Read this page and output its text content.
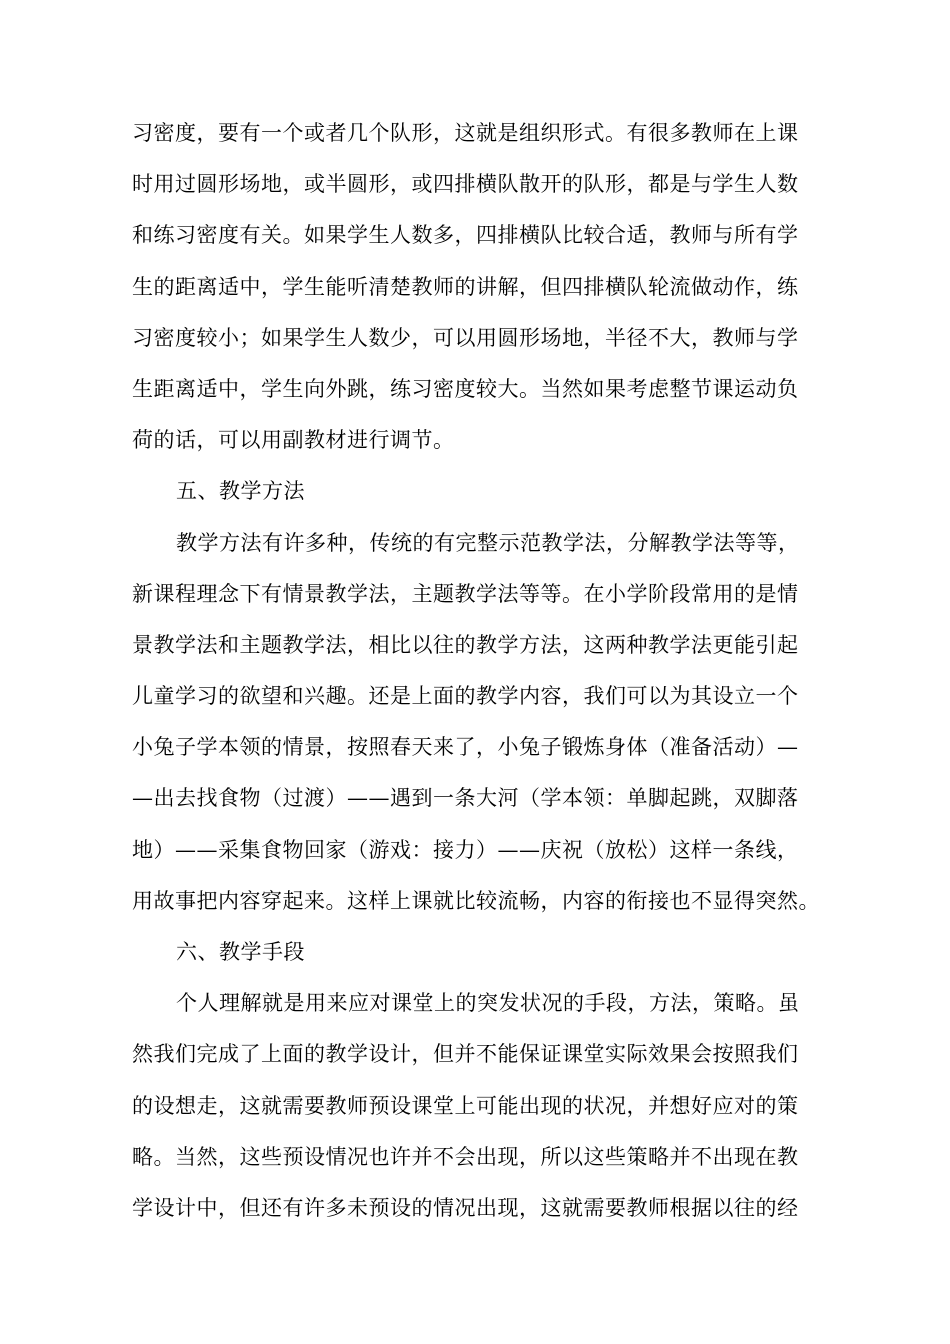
习密度，要有一个或者几个队形，这就是组织形式。有很多教师在上课
时用过圆形场地，或半圆形，或四排横队散开的队形，都是与学生人数
和练习密度有关。如果学生人数多，四排横队比较合适，教师与所有学
生的距离适中，学生能听清楚教师的讲解，但四排横队轮流做动作，练
习密度较小；如果学生人数少，可以用圆形场地，半径不大，教师与学
生距离适中，学生向外跳，练习密度较大。当然如果考虑整节课运动负
荷的话，可以用副教材进行调节。
五、教学方法
教学方法有许多种，传统的有完整示范教学法，分解教学法等等，
新课程理念下有情景教学法，主题教学法等等。在小学阶段常用的是情
景教学法和主题教学法，相比以往的教学方法，这两种教学法更能引起
儿童学习的欲望和兴趣。还是上面的教学内容，我们可以为其设立一个
小兔子学本领的情景，按照春天来了，小兔子锻炼身体（准备活动）—
—出去找食物（过渡）——遇到一条大河（学本领：单脚起跳，双脚落
地）——采集食物回家（游戏：接力）——庆祝（放松）这样一条线，
用故事把内容穿起来。这样上课就比较流畅，内容的衔接也不显得突然。
六、教学手段
个人理解就是用来应对课堂上的突发状况的手段，方法，策略。虽
然我们完成了上面的教学设计，但并不能保证课堂实际效果会按照我们
的设想走，这就需要教师预设课堂上可能出现的状况，并想好应对的策
略。当然，这些预设情况也许并不会出现，所以这些策略并不出现在教
学设计中，但还有许多未预设的情况出现，这就需要教师根据以往的经
